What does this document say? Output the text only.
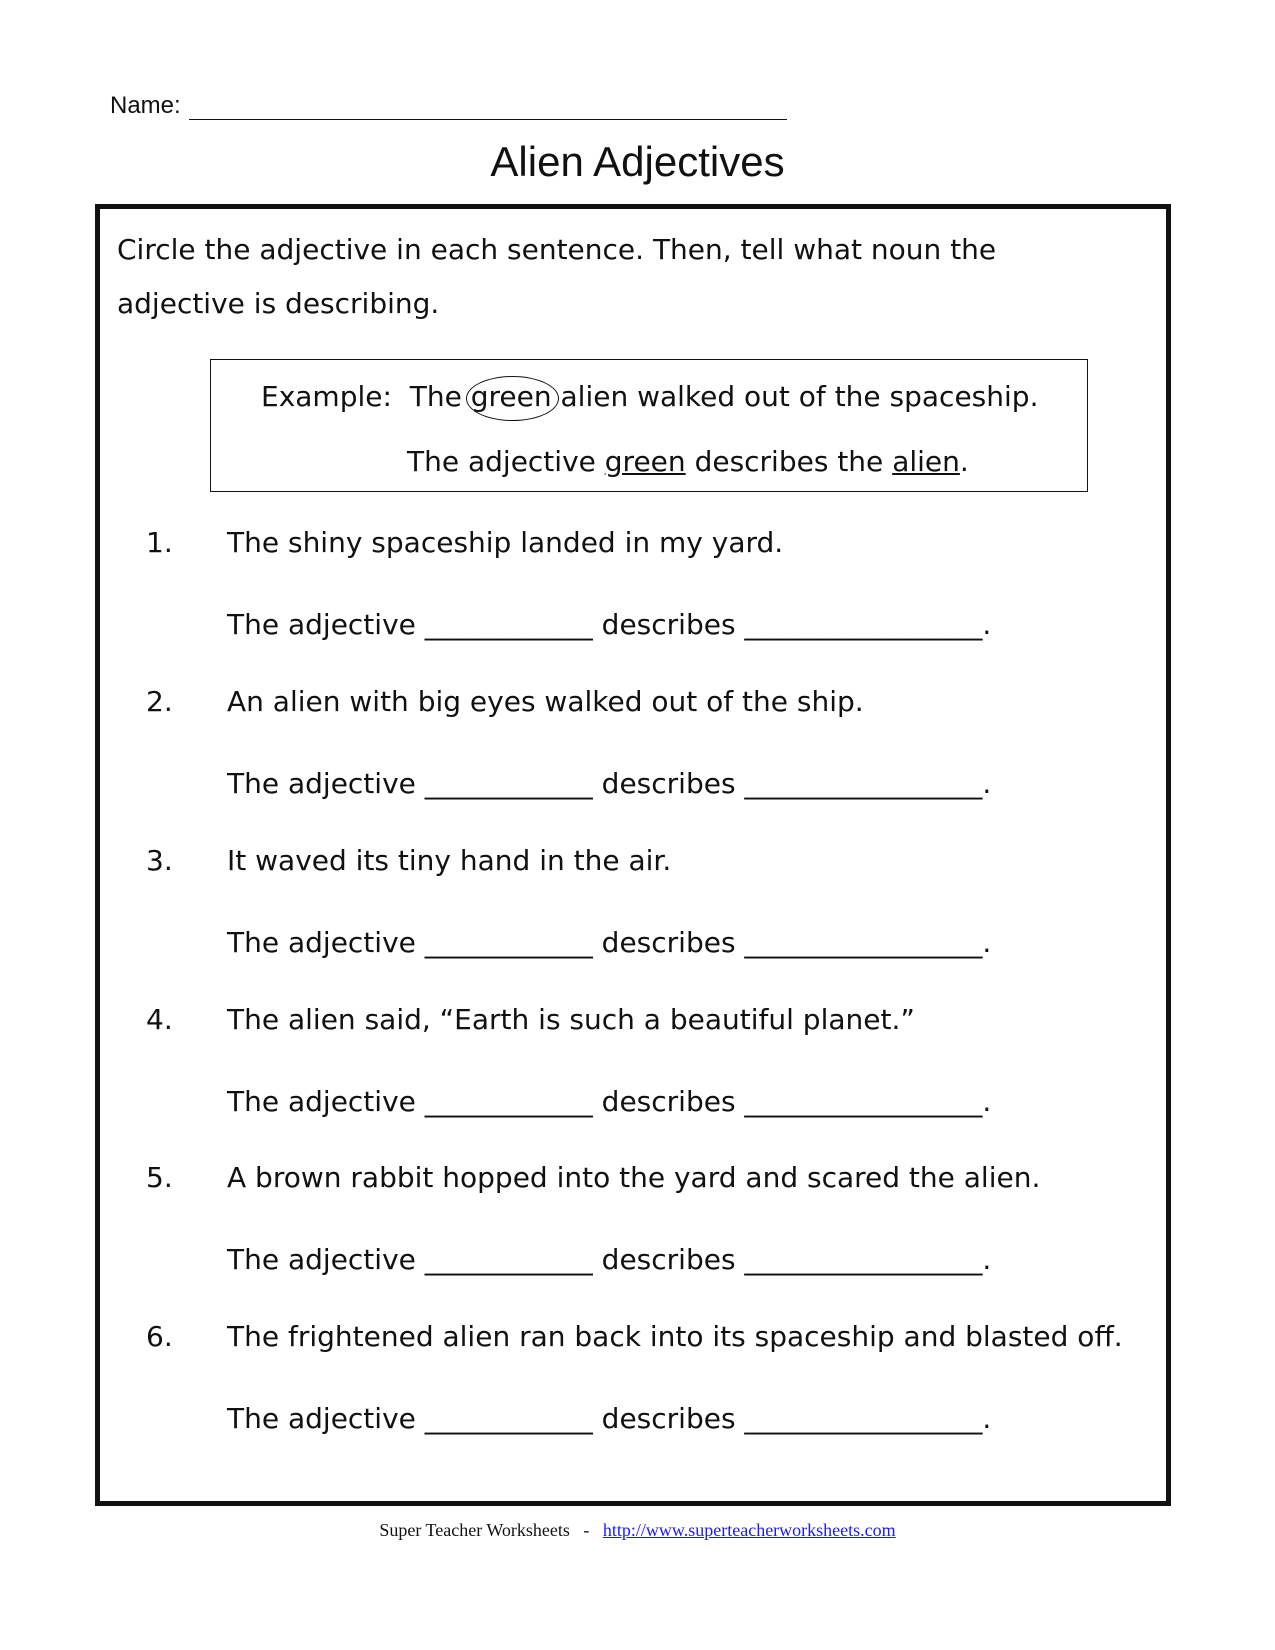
Name:
Alien Adjectives
Circle the adjective in each sentence. Then, tell what noun the adjective is describing.
Example: The green alien walked out of the spaceship.
The adjective green describes the alien.
1. The shiny spaceship landed in my yard.
The adjective ____________ describes _________________.
2. An alien with big eyes walked out of the ship.
The adjective ____________ describes _________________.
3. It waved its tiny hand in the air.
The adjective ____________ describes _________________.
4. The alien said, “Earth is such a beautiful planet.”
The adjective ____________ describes _________________.
5. A brown rabbit hopped into the yard and scared the alien.
The adjective ____________ describes _________________.
6. The frightened alien ran back into its spaceship and blasted off.
The adjective ____________ describes _________________.
Super Teacher Worksheets - http://www.superteacherworksheets.com
